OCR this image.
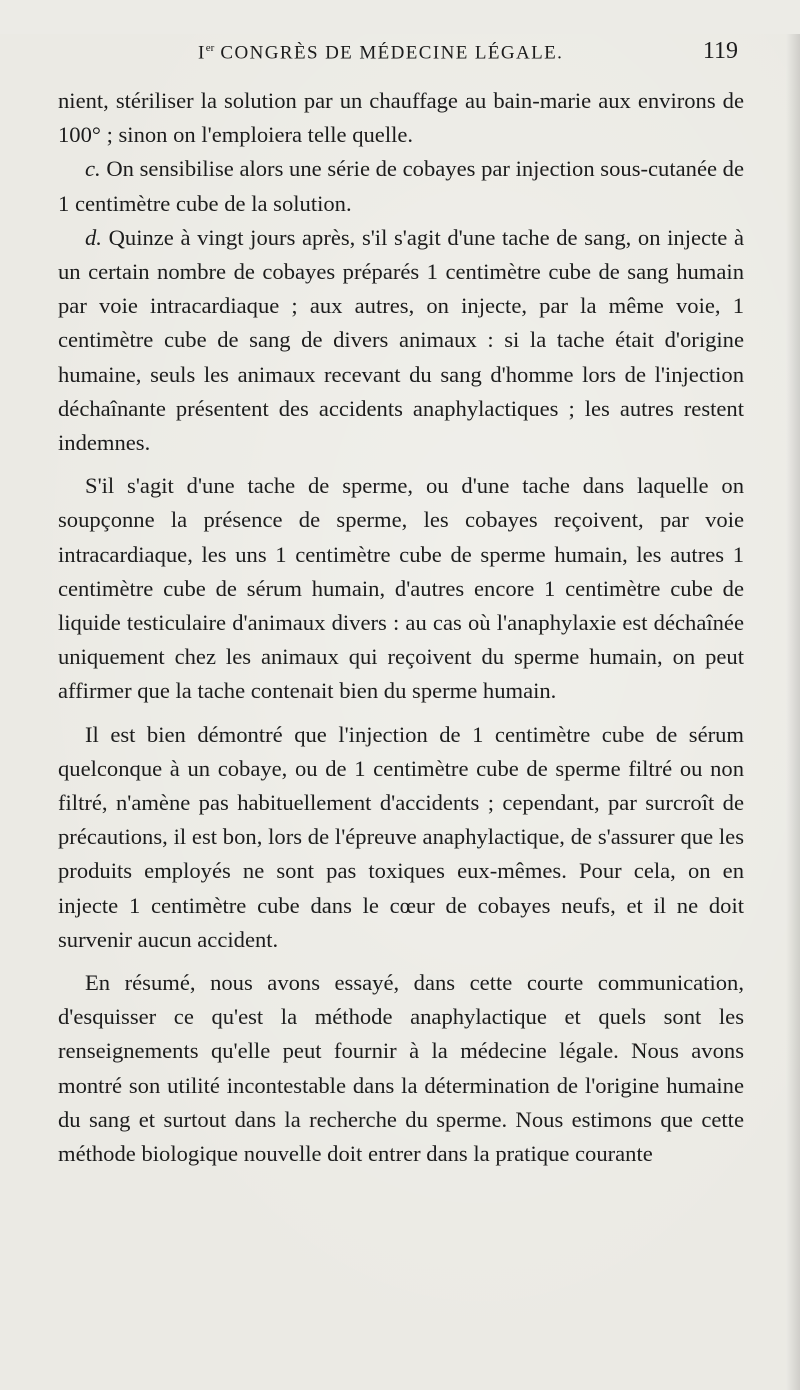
Ier CONGRÈS DE MÉDECINE LÉGALE.	119

nient, stériliser la solution par un chauffage au bain-marie aux environs de 100° ; sinon on l'emploiera telle quelle.

c. On sensibilise alors une série de cobayes par injection sous-cutanée de 1 centimètre cube de la solution.

d. Quinze à vingt jours après, s'il s'agit d'une tache de sang, on injecte à un certain nombre de cobayes préparés 1 centimètre cube de sang humain par voie intracardiaque ; aux autres, on injecte, par la même voie, 1 centimètre cube de sang de divers animaux : si la tache était d'origine humaine, seuls les animaux recevant du sang d'homme lors de l'injection déchaînante présentent des accidents anaphylactiques ; les autres restent indemnes.

S'il s'agit d'une tache de sperme, ou d'une tache dans laquelle on soupçonne la présence de sperme, les cobayes reçoivent, par voie intracardiaque, les uns 1 centimètre cube de sperme humain, les autres 1 centimètre cube de sérum humain, d'autres encore 1 centimètre cube de liquide testiculaire d'animaux divers : au cas où l'anaphylaxie est déchaînée uniquement chez les animaux qui reçoivent du sperme humain, on peut affirmer que la tache contenait bien du sperme humain.

Il est bien démontré que l'injection de 1 centimètre cube de sérum quelconque à un cobaye, ou de 1 centimètre cube de sperme filtré ou non filtré, n'amène pas habituellement d'accidents ; cependant, par surcroît de précautions, il est bon, lors de l'épreuve anaphylactique, de s'assurer que les produits employés ne sont pas toxiques eux-mêmes. Pour cela, on en injecte 1 centimètre cube dans le cœur de cobayes neufs, et il ne doit survenir aucun accident.

En résumé, nous avons essayé, dans cette courte communication, d'esquisser ce qu'est la méthode anaphylactique et quels sont les renseignements qu'elle peut fournir à la médecine légale. Nous avons montré son utilité incontestable dans la détermination de l'origine humaine du sang et surtout dans la recherche du sperme. Nous estimons que cette méthode biologique nouvelle doit entrer dans la pratique courante
